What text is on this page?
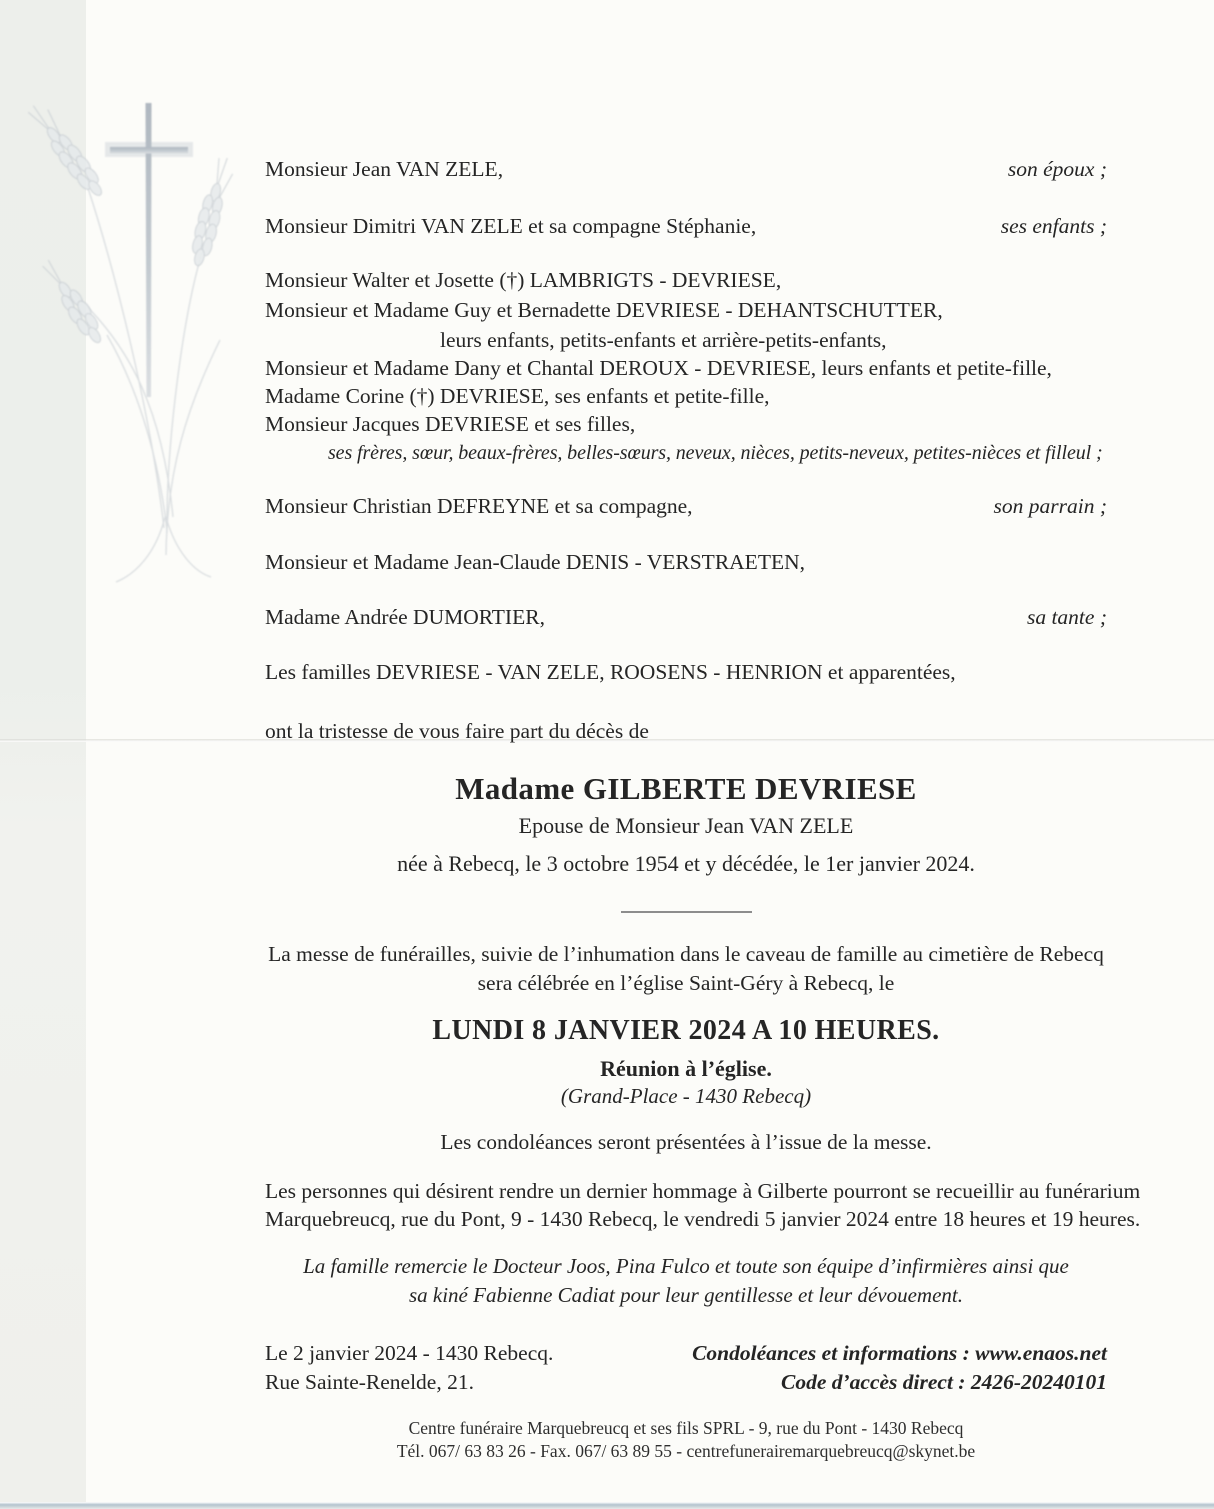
Monsieur Jean VAN ZELE,	son époux ;
Monsieur Dimitri VAN ZELE et sa compagne Stéphanie,	ses enfants ;
Monsieur Walter et Josette (†) LAMBRIGTS - DEVRIESE,
Monsieur et Madame Guy et Bernadette DEVRIESE - DEHANTSCHUTTER,
leurs enfants, petits-enfants et arrière-petits-enfants,
Monsieur et Madame Dany et Chantal DEROUX - DEVRIESE, leurs enfants et petite-fille,
Madame Corine (†) DEVRIESE, ses enfants et petite-fille,
Monsieur Jacques DEVRIESE et ses filles,
ses frères, sœur, beaux-frères, belles-sœurs, neveux, nièces, petits-neveux, petites-nièces et filleul ;
Monsieur Christian DEFREYNE et sa compagne,	son parrain ;
Monsieur et Madame Jean-Claude DENIS - VERSTRAETEN,
Madame Andrée DUMORTIER,	sa tante ;
Les familles DEVRIESE - VAN ZELE, ROOSENS - HENRION et apparentées,
ont la tristesse de vous faire part du décès de
Madame GILBERTE DEVRIESE
Epouse de Monsieur Jean VAN ZELE
née à Rebecq, le 3 octobre 1954 et y décédée, le 1er janvier 2024.
La messe de funérailles, suivie de l’inhumation dans le caveau de famille au cimetière de Rebecq
sera célébrée en l’église Saint-Géry à Rebecq, le
LUNDI 8 JANVIER 2024 A 10 HEURES.
Réunion à l’église.
(Grand-Place - 1430 Rebecq)
Les condoléances seront présentées à l’issue de la messe.
Les personnes qui désirent rendre un dernier hommage à Gilberte pourront se recueillir au funérarium
Marquebreucq, rue du Pont, 9 - 1430 Rebecq, le vendredi 5 janvier 2024 entre 18 heures et 19 heures.
La famille remercie le Docteur Joos, Pina Fulco et toute son équipe d’infirmières ainsi que
sa kiné Fabienne Cadiat pour leur gentillesse et leur dévouement.
Le 2 janvier 2024 - 1430 Rebecq.
Rue Sainte-Renelde, 21.
Condoléances et informations : www.enaos.net
Code d’accès direct : 2426-20240101
Centre funéraire Marquebreucq et ses fils SPRL - 9, rue du Pont - 1430 Rebecq
Tél. 067/ 63 83 26 - Fax. 067/ 63 89 55 - centrefunerairemarquebreucq@skynet.be
